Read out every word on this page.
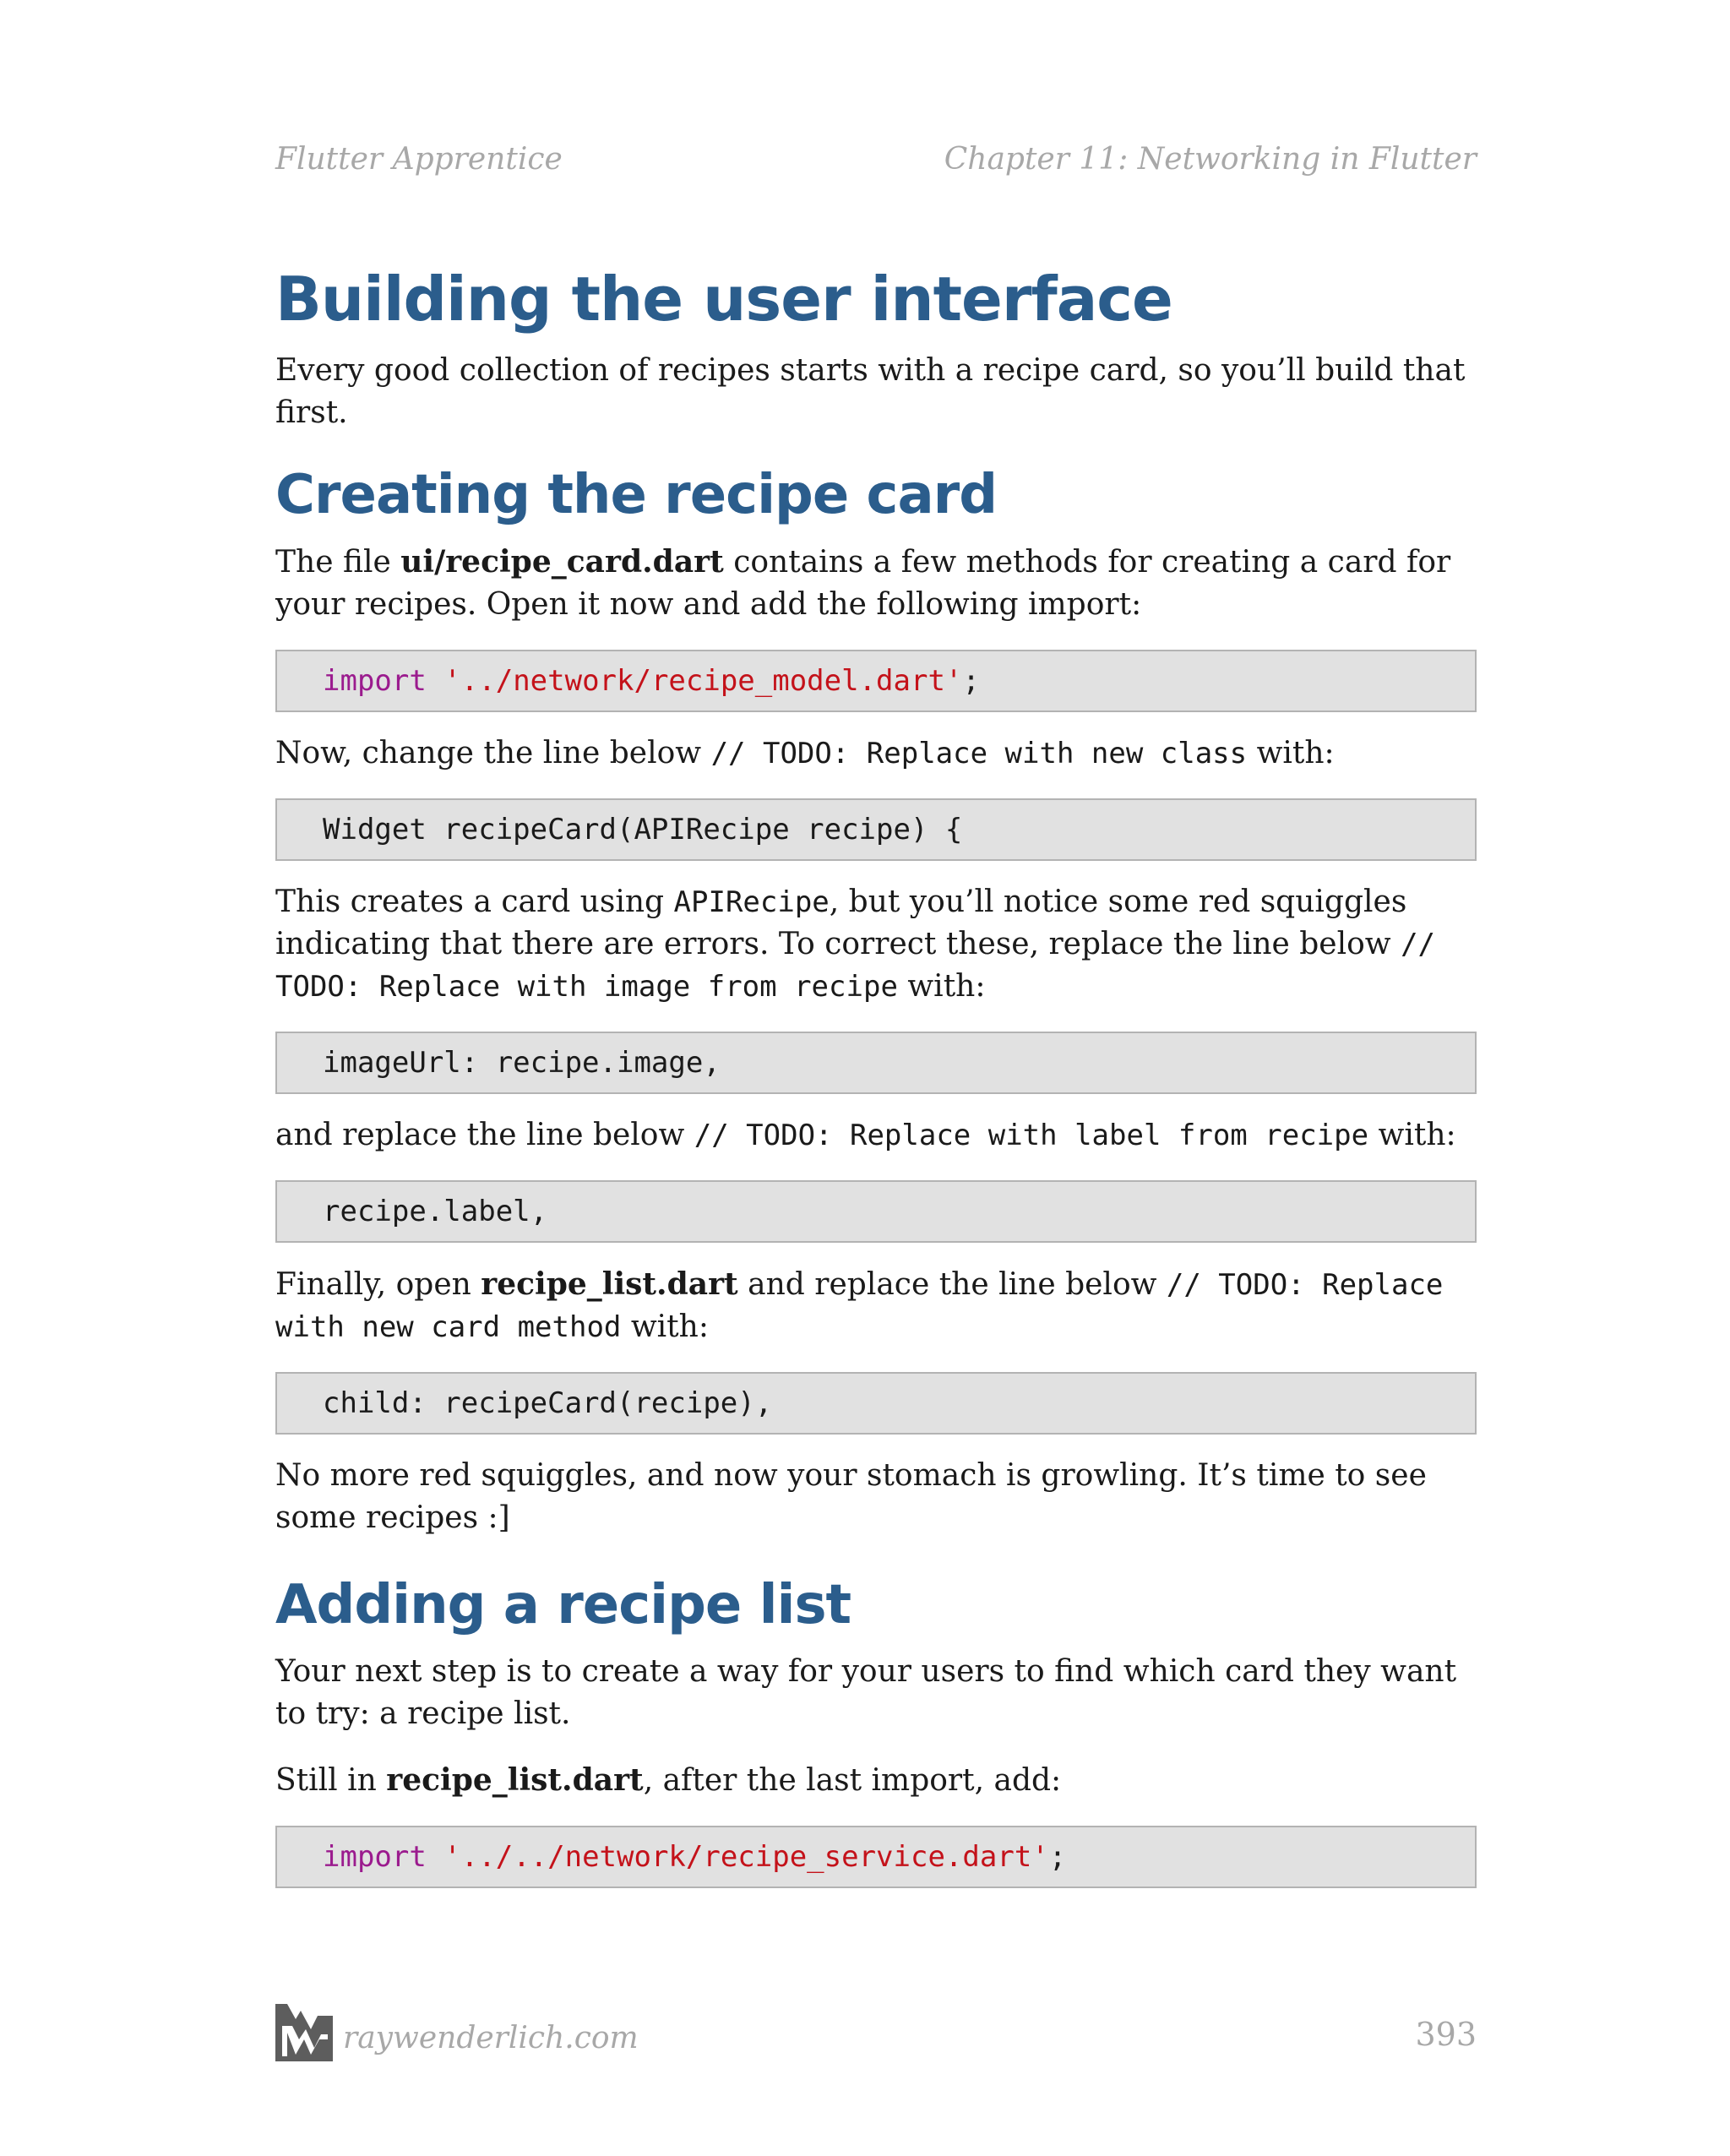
Flutter Apprentice	Chapter 11: Networking in Flutter
Building the user interface

Every good collection of recipes starts with a recipe card, so you’ll build that first.

Creating the recipe card

The file ui/recipe_card.dart contains a few methods for creating a card for your recipes. Open it now and add the following import:

import '../network/recipe_model.dart';

Now, change the line below // TODO: Replace with new class with:

Widget recipeCard(APIRecipe recipe) {

This creates a card using APIRecipe, but you’ll notice some red squiggles indicating that there are errors. To correct these, replace the line below // TODO: Replace with image from recipe with:

imageUrl: recipe.image,

and replace the line below // TODO: Replace with label from recipe with:

recipe.label,

Finally, open recipe_list.dart and replace the line below // TODO: Replace with new card method with:

child: recipeCard(recipe),

No more red squiggles, and now your stomach is growling. It’s time to see some recipes :]

Adding a recipe list

Your next step is to create a way for your users to find which card they want to try: a recipe list.

Still in recipe_list.dart, after the last import, add:

import '../../network/recipe_service.dart';
raywenderlich.com	393
